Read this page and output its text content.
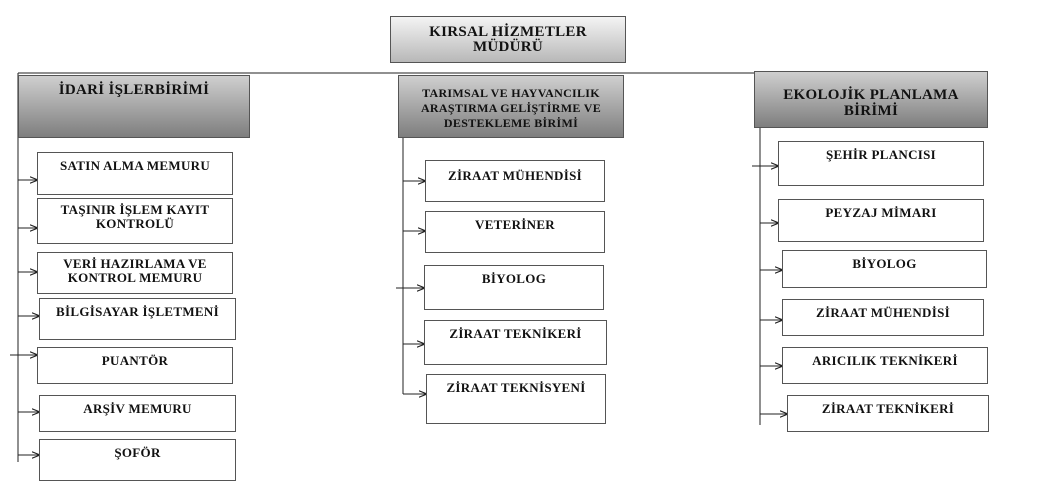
KIRSAL HİZMETLER
MÜDÜRÜ
İDARİ İŞLERBİRİMİ	TARIMSAL VE HAYVANCILIK
ARAŞTIRMA GELİŞTİRME VE
DESTEKLEME BİRİMİ
EKOLOJİK PLANLAMA
BİRİMİ
SATIN ALMA MEMURU
TAŞINIR İŞLEM KAYIT KONTROLÜ
VERİ HAZIRLAMA VE KONTROL MEMURU
BİLGİSAYAR İŞLETMENİ
PUANTÖR
ARŞİV MEMURU
ŞOFÖR
ZİRAAT MÜHENDİSİ
VETERİNER
BİYOLOG
ZİRAAT TEKNİKERİ
ZİRAAT TEKNİSYENİ
ŞEHİR PLANCISI
PEYZAJ MİMARI
BİYOLOG
ZİRAAT MÜHENDİSİ
ARICILIK TEKNİKERİ
ZİRAAT TEKNİKERİ
